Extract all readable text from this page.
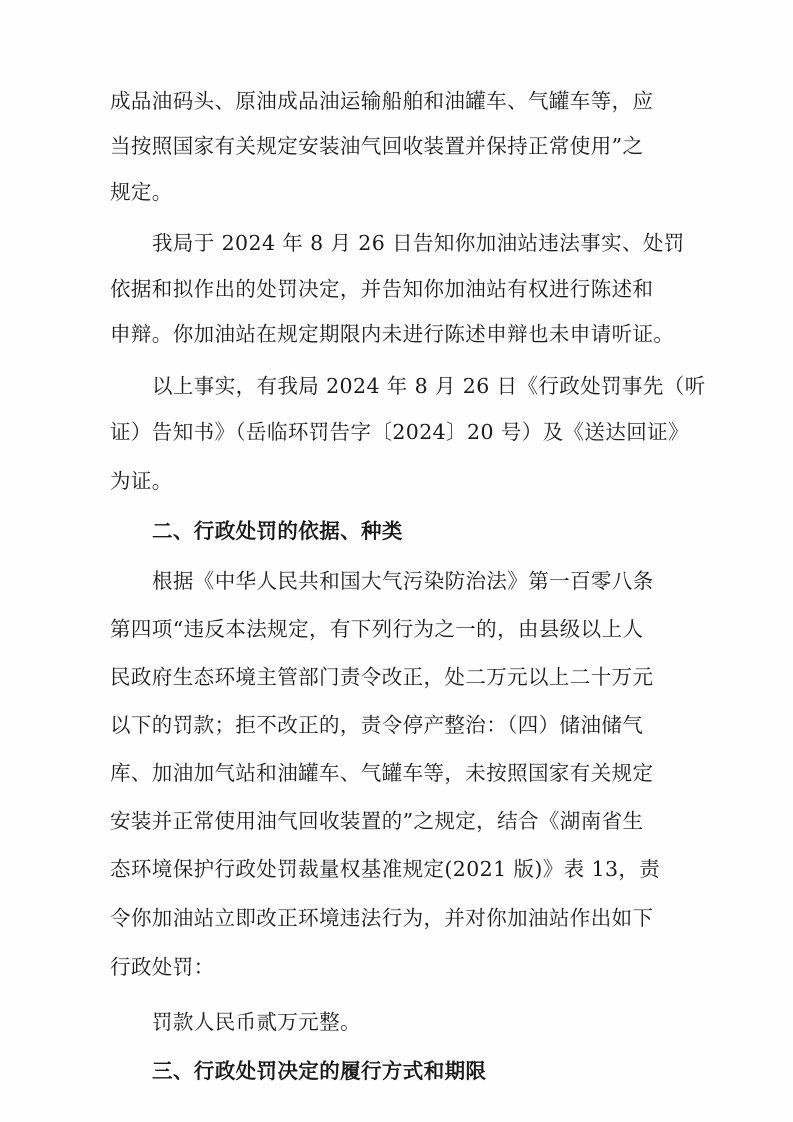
成品油码头、原油成品油运输船舶和油罐车、气罐车等，应
当按照国家有关规定安装油气回收装置并保持正常使用”之
规定。
我局于 2024 年 8 月 26 日告知你加油站违法事实、处罚
依据和拟作出的处罚决定，并告知你加油站有权进行陈述和
申辩。你加油站在规定期限内未进行陈述申辩也未申请听证。
以上事实，有我局 2024 年 8 月 26 日《行政处罚事先（听
证）告知书》（岳临环罚告字〔2024〕20 号）及《送达回证》
为证。
二、行政处罚的依据、种类
根据《中华人民共和国大气污染防治法》第一百零八条
第四项“违反本法规定，有下列行为之一的，由县级以上人
民政府生态环境主管部门责令改正，处二万元以上二十万元
以下的罚款；拒不改正的，责令停产整治：（四）储油储气
库、加油加气站和油罐车、气罐车等，未按照国家有关规定
安装并正常使用油气回收装置的”之规定，结合《湖南省生
态环境保护行政处罚裁量权基准规定(2021 版)》表 13，责
令你加油站立即改正环境违法行为，并对你加油站作出如下
行政处罚：
罚款人民币贰万元整。
三、行政处罚决定的履行方式和期限
